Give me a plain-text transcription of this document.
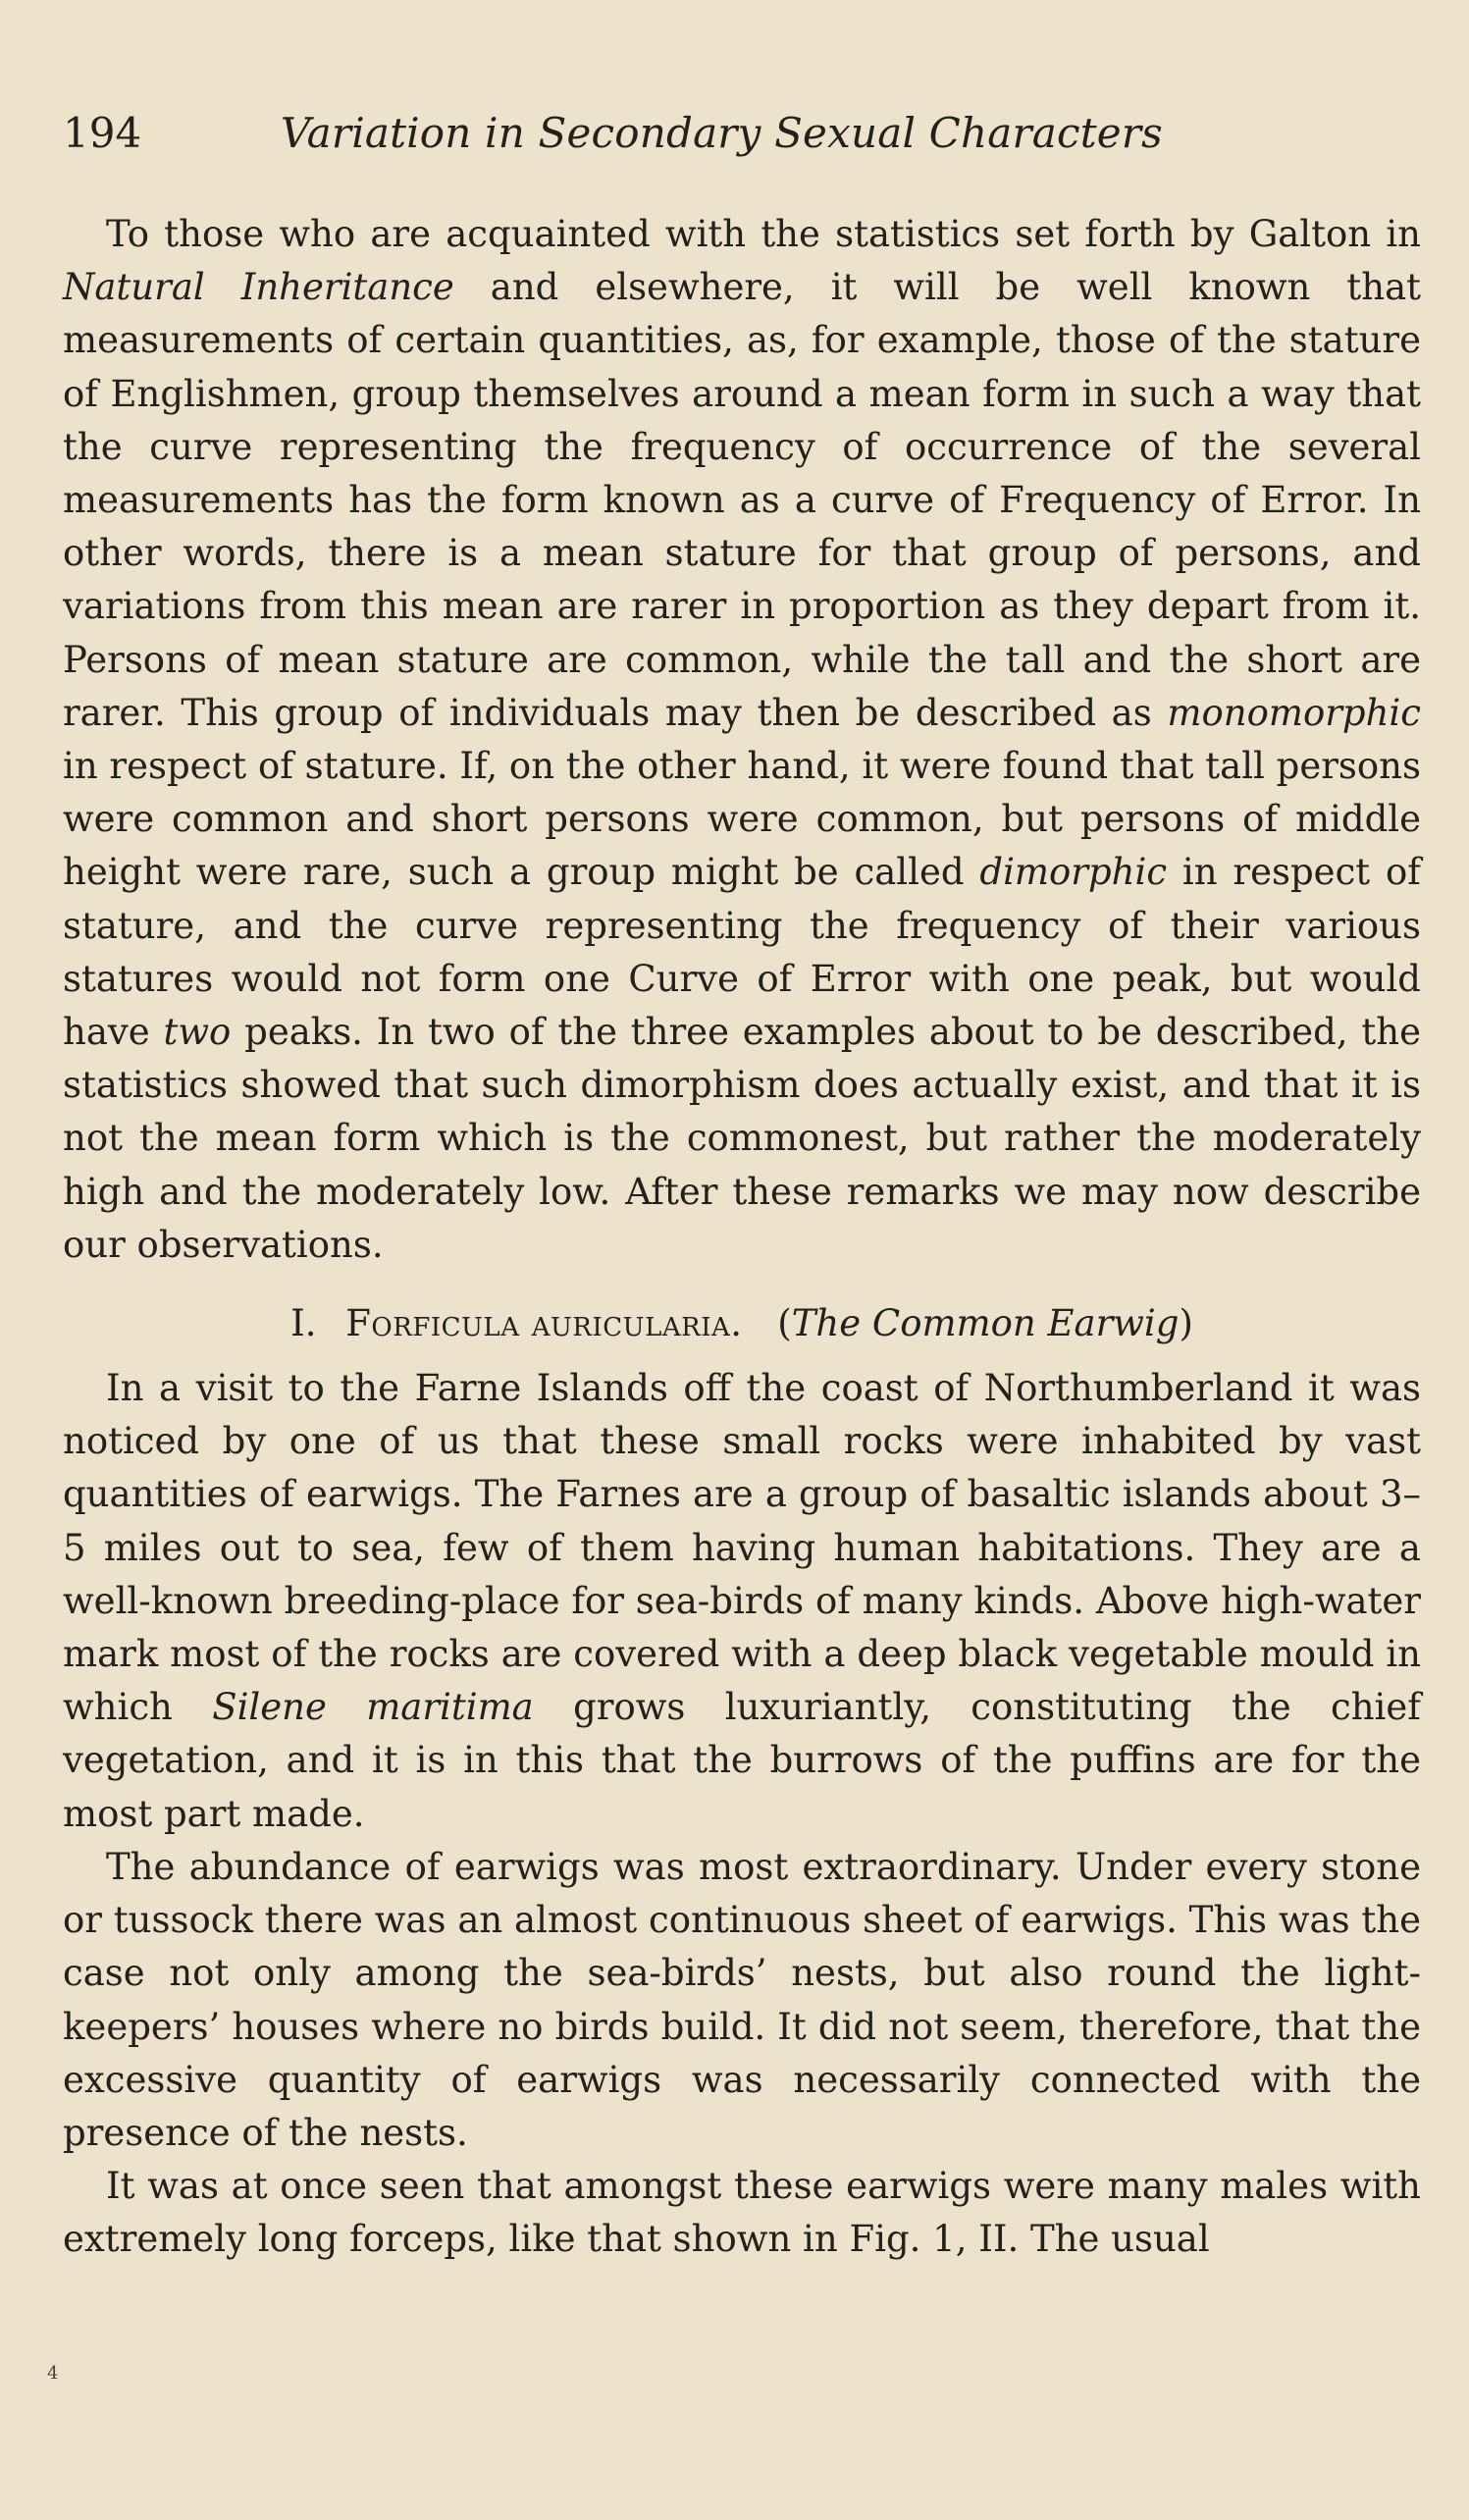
194	Variation in Secondary Sexual Characters

To those who are acquainted with the statistics set forth by Galton in Natural Inheritance and elsewhere, it will be well known that measurements of certain quantities, as, for example, those of the stature of Englishmen, group themselves around a mean form in such a way that the curve representing the frequency of occurrence of the several measurements has the form known as a curve of Frequency of Error. In other words, there is a mean stature for that group of persons, and variations from this mean are rarer in proportion as they depart from it. Persons of mean stature are common, while the tall and the short are rarer. This group of individuals may then be described as monomorphic in respect of stature. If, on the other hand, it were found that tall persons were common and short persons were common, but persons of middle height were rare, such a group might be called dimorphic in respect of stature, and the curve representing the frequency of their various statures would not form one Curve of Error with one peak, but would have two peaks. In two of the three examples about to be described, the statistics showed that such dimorphism does actually exist, and that it is not the mean form which is the commonest, but rather the moderately high and the moderately low. After these remarks we may now describe our observations.

I. Forficula auricularia. (The Common Earwig)

In a visit to the Farne Islands off the coast of Northumberland it was noticed by one of us that these small rocks were inhabited by vast quantities of earwigs. The Farnes are a group of basaltic islands about 3–5 miles out to sea, few of them having human habitations. They are a well-known breeding-place for sea-birds of many kinds. Above high-water mark most of the rocks are covered with a deep black vegetable mould in which Silene maritima grows luxuriantly, constituting the chief vegetation, and it is in this that the burrows of the puffins are for the most part made.

The abundance of earwigs was most extraordinary. Under every stone or tussock there was an almost continuous sheet of earwigs. This was the case not only among the sea-birds’ nests, but also round the light-keepers’ houses where no birds build. It did not seem, therefore, that the excessive quantity of earwigs was necessarily connected with the presence of the nests.

It was at once seen that amongst these earwigs were many males with extremely long forceps, like that shown in Fig. 1, II. The usual

4
